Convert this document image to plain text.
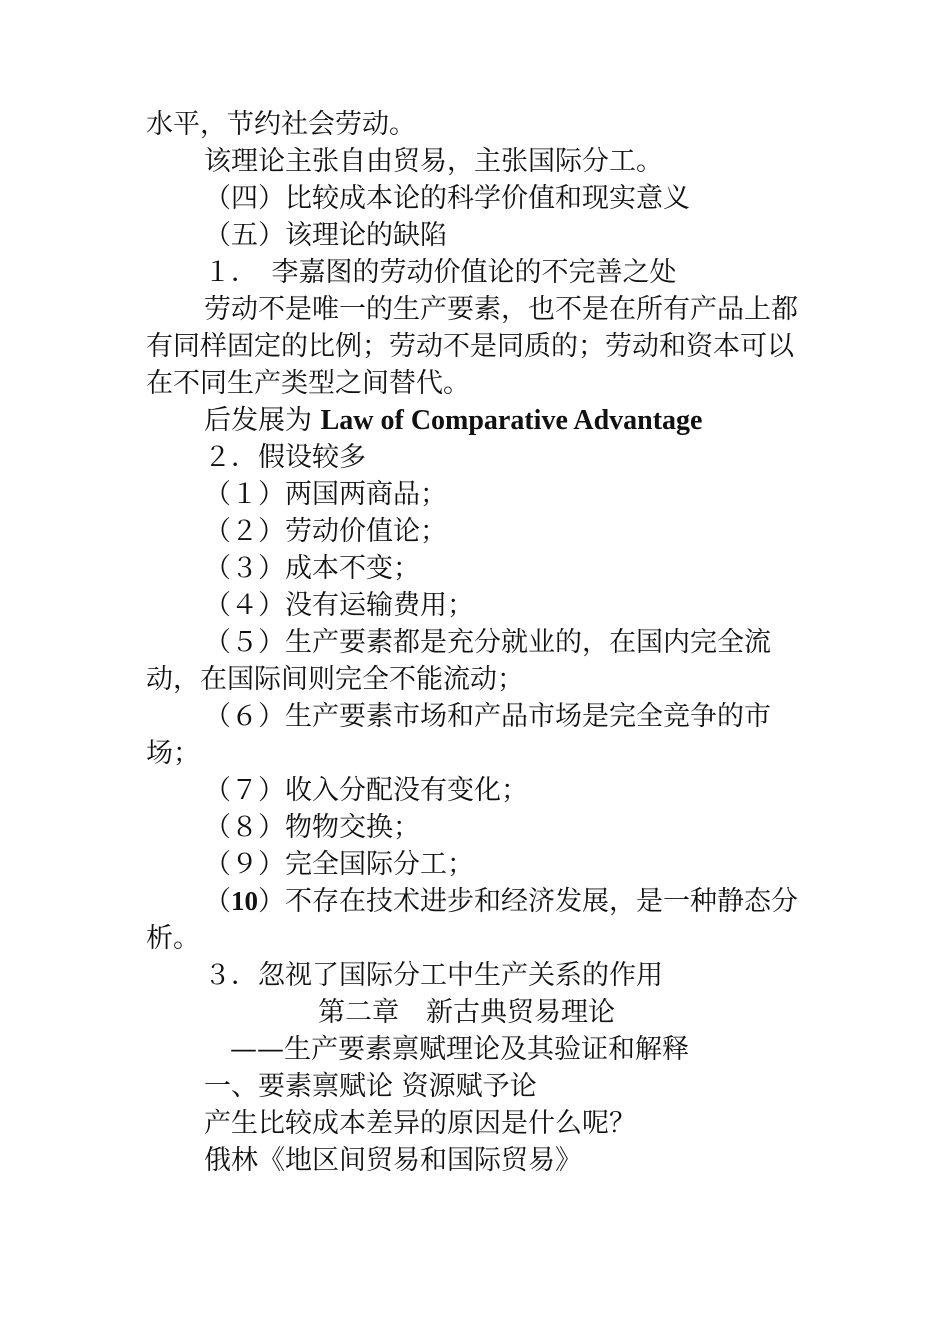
水平，节约社会劳动。

该理论主张自由贸易，主张国际分工。

（四）比较成本论的科学价值和现实意义

（五）该理论的缺陷

１．　李嘉图的劳动价值论的不完善之处

劳动不是唯一的生产要素，也不是在所有产品上都有同样固定的比例；劳动不是同质的；劳动和资本可以在不同生产类型之间替代。

后发展为 Law of Comparative Advantage

２．假设较多

（１）两国两商品；

（２）劳动价值论；

（３）成本不变；

（４）没有运输费用；

（５）生产要素都是充分就业的，在国内完全流动，在国际间则完全不能流动；

（６）生产要素市场和产品市场是完全竞争的市场；

（７）收入分配没有变化；

（８）物物交换；

（９）完全国际分工；

（10）不存在技术进步和经济发展，是一种静态分析。

３．忽视了国际分工中生产关系的作用

第二章　新古典贸易理论

——生产要素禀赋理论及其验证和解释

一、要素禀赋论 资源赋予论

产生比较成本差异的原因是什么呢？

俄林《地区间贸易和国际贸易》
